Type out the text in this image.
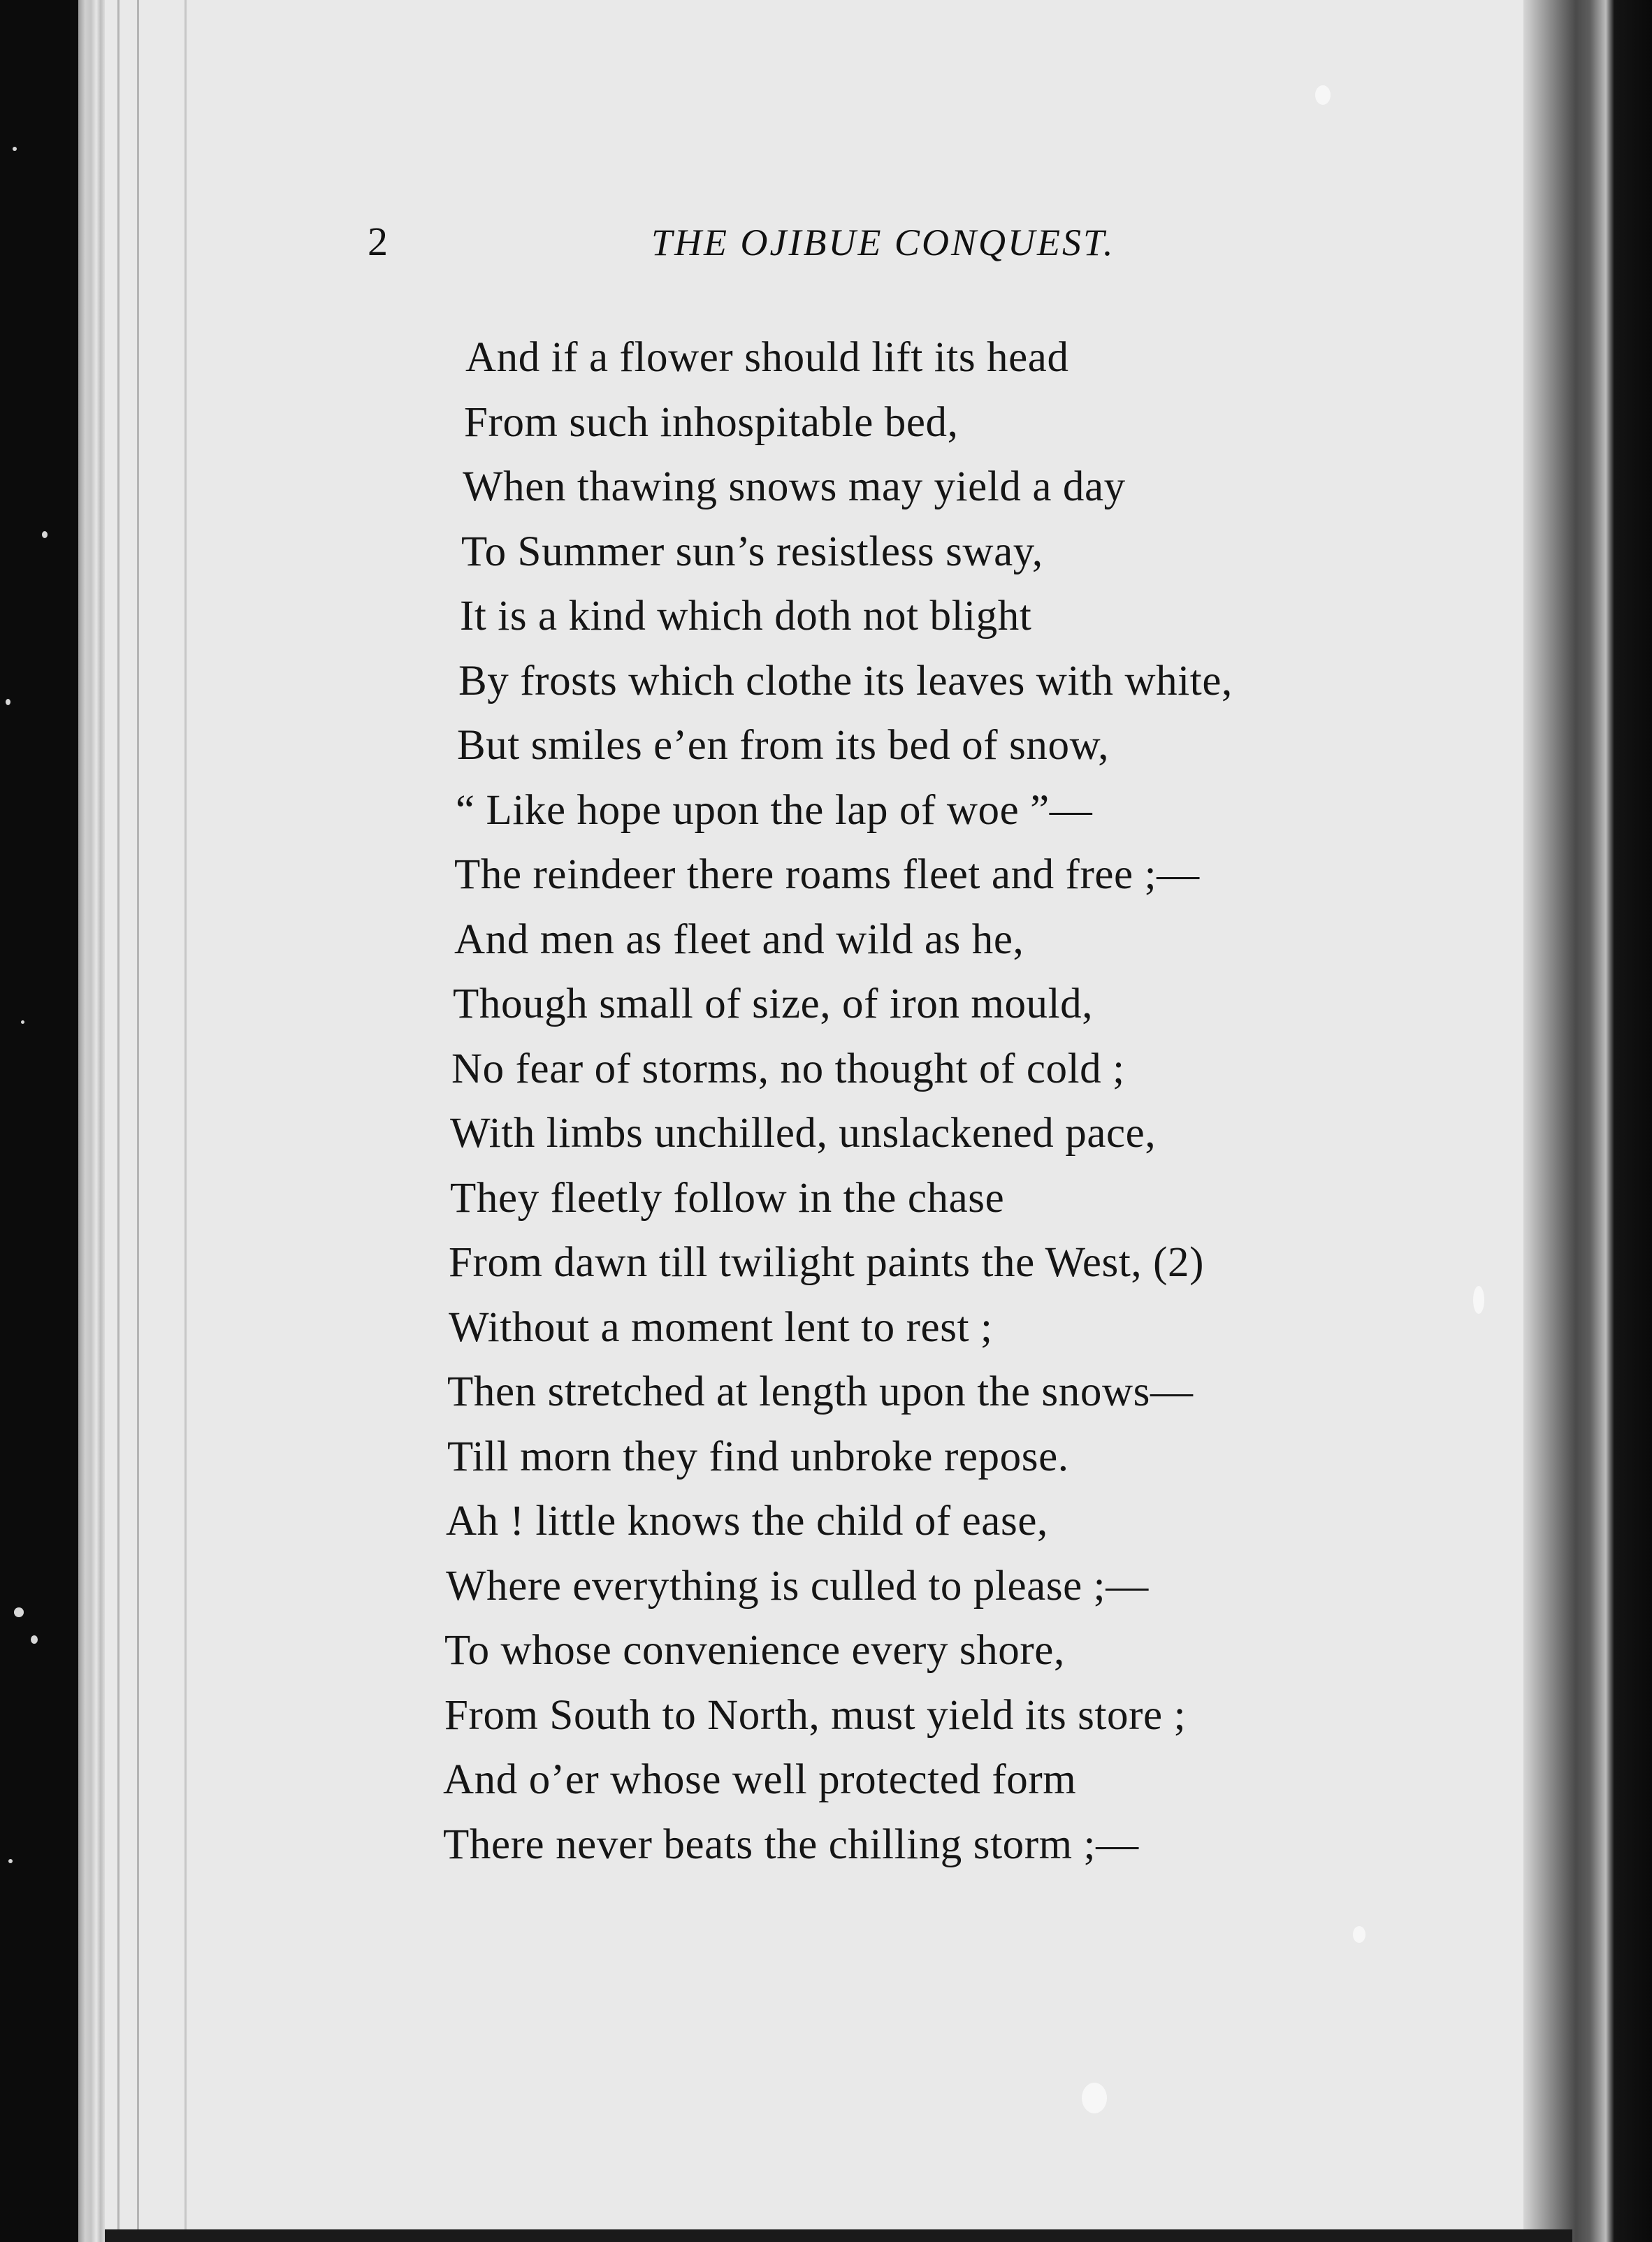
2	THE OJIBUE CONQUEST.
And if a flower should lift its head
From such inhospitable bed,
When thawing snows may yield a day
To Summer sun’s resistless sway,
It is a kind which doth not blight
By frosts which clothe its leaves with white,
But smiles e’en from its bed of snow,
“ Like hope upon the lap of woe ”—
The reindeer there roams fleet and free ;—
And men as fleet and wild as he,
Though small of size, of iron mould,
No fear of storms, no thought of cold ;
With limbs unchilled, unslackened pace,
They fleetly follow in the chase
From dawn till twilight paints the West, (2)
Without a moment lent to rest ;
Then stretched at length upon the snows—
Till morn they find unbroke repose.
Ah ! little knows the child of ease,
Where everything is culled to please ;—
To whose convenience every shore,
From South to North, must yield its store ;
And o’er whose well protected form
There never beats the chilling storm ;—
